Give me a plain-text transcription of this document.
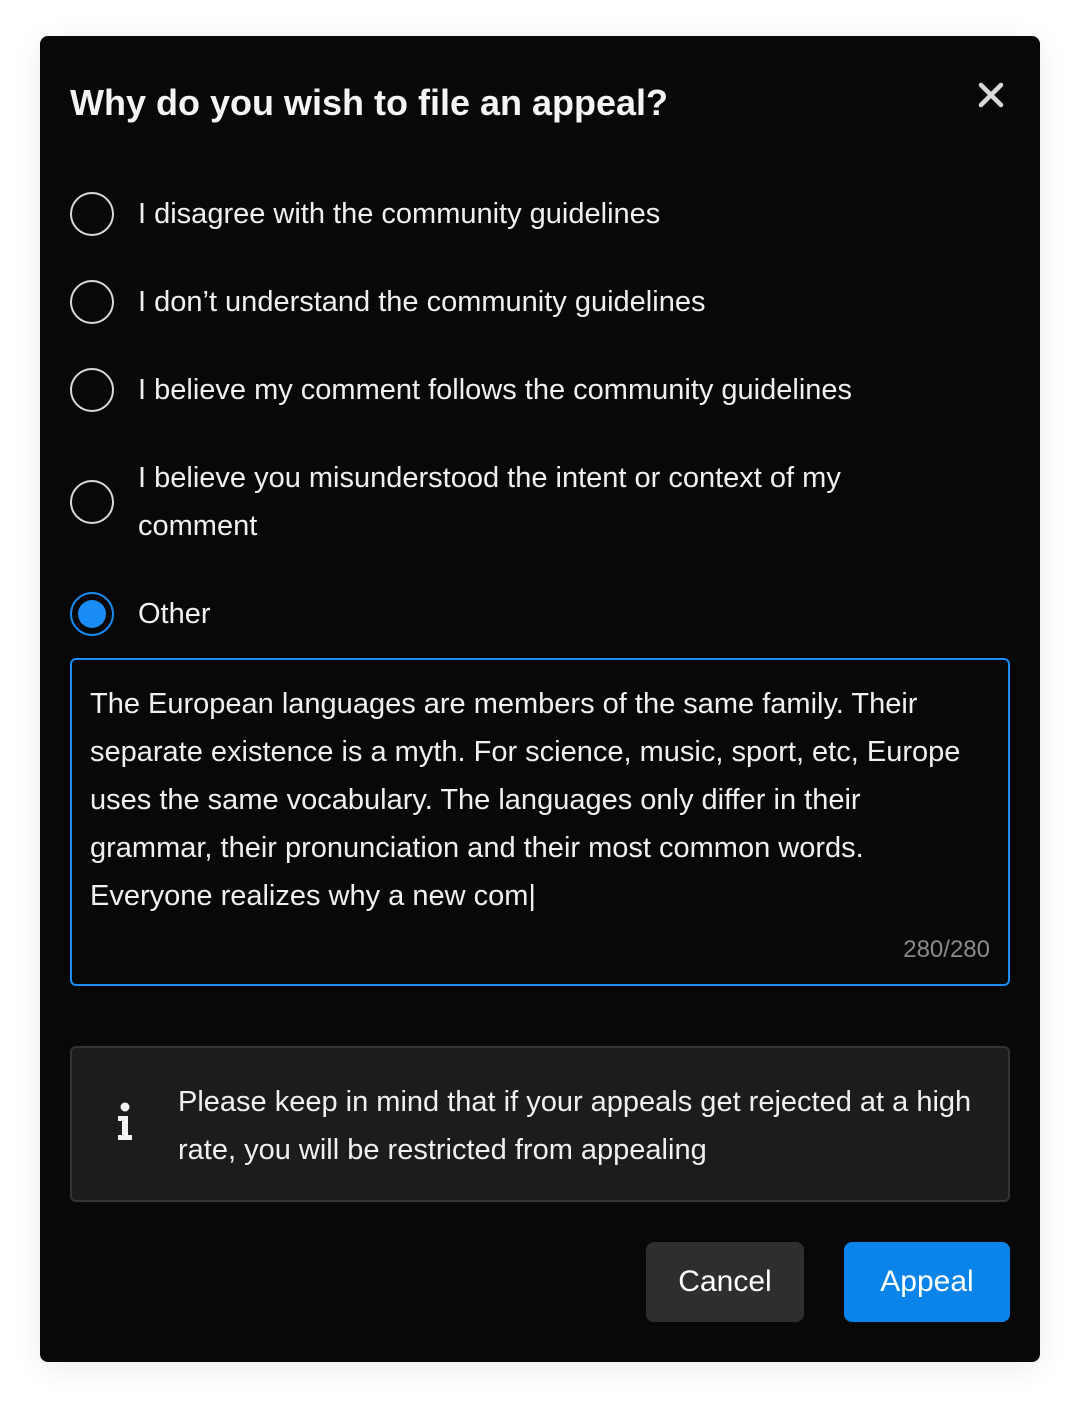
Why do you wish to file an appeal?
I disagree with the community guidelines
I don’t understand the community guidelines
I believe my comment follows the community guidelines
I believe you misunderstood the intent or context of my comment
Other
The European languages are members of the same family. Their separate existence is a myth. For science, music, sport, etc, Europe uses the same vocabulary. The languages only differ in their grammar, their pronunciation and their most common words. Everyone realizes why a new com|
280/280
Please keep in mind that if your appeals get rejected at a high rate, you will be restricted from appealing
Cancel	Appeal
